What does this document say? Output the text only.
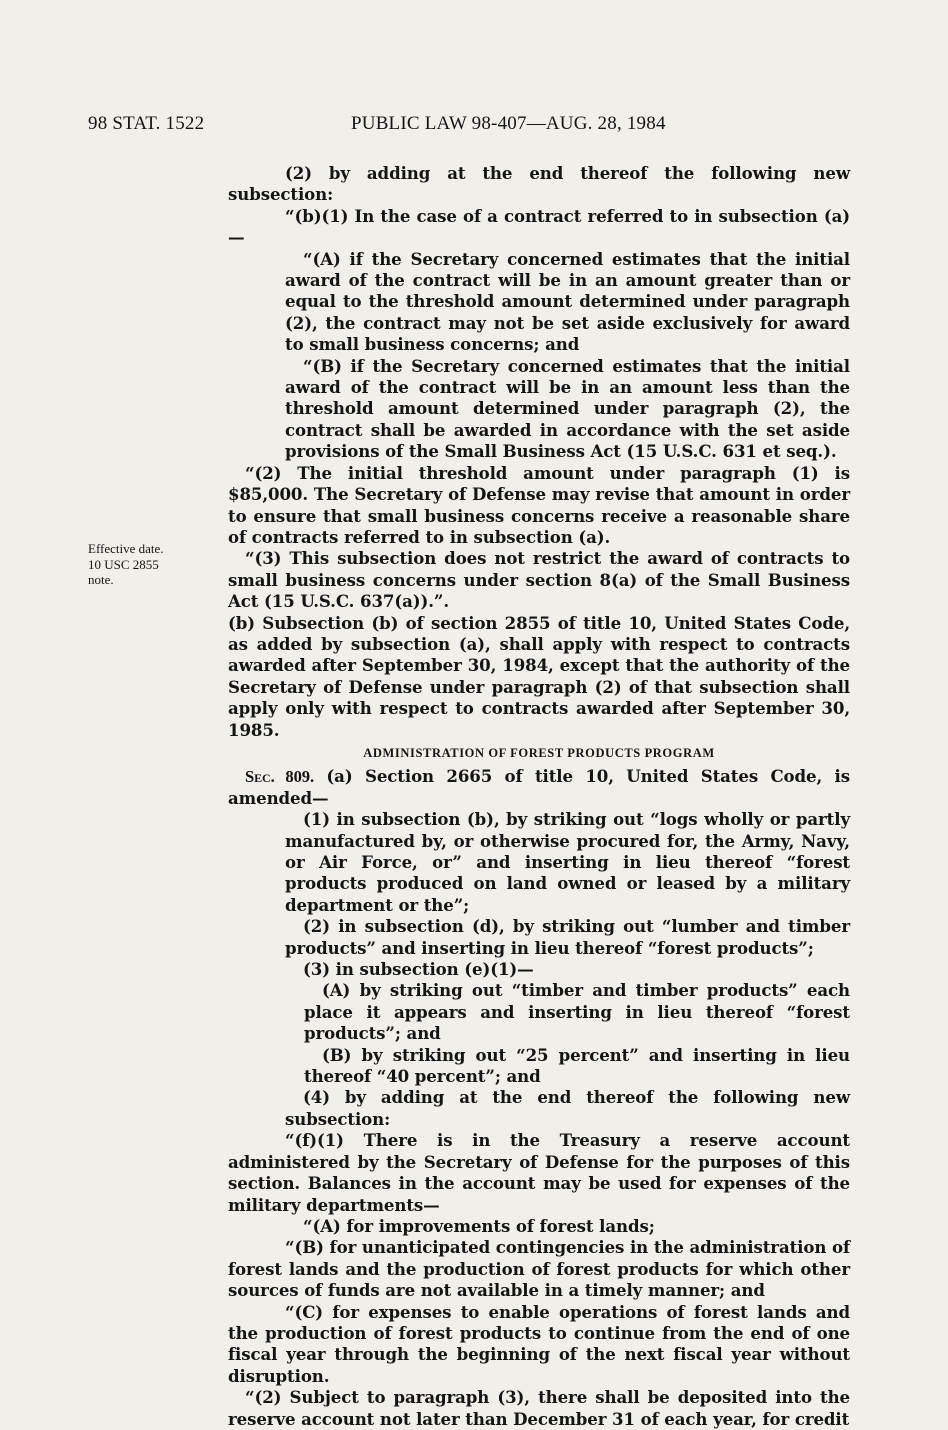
98 STAT. 1522	PUBLIC LAW 98-407—AUG. 28, 1984
Effective date.
10 USC 2855
note.

(2) by adding at the end thereof the following new subsection:

“(b)(1) In the case of a contract referred to in subsection (a)—

“(A) if the Secretary concerned estimates that the initial award of the contract will be in an amount greater than or equal to the threshold amount determined under paragraph (2), the contract may not be set aside exclusively for award to small business concerns; and

“(B) if the Secretary concerned estimates that the initial award of the contract will be in an amount less than the threshold amount determined under paragraph (2), the contract shall be awarded in accordance with the set aside provisions of the Small Business Act (15 U.S.C. 631 et seq.).

“(2) The initial threshold amount under paragraph (1) is $85,000. The Secretary of Defense may revise that amount in order to ensure that small business concerns receive a reasonable share of contracts referred to in subsection (a).

“(3) This subsection does not restrict the award of contracts to small business concerns under section 8(a) of the Small Business Act (15 U.S.C. 637(a)).”.

(b) Subsection (b) of section 2855 of title 10, United States Code, as added by subsection (a), shall apply with respect to contracts awarded after September 30, 1984, except that the authority of the Secretary of Defense under paragraph (2) of that subsection shall apply only with respect to contracts awarded after September 30, 1985.

ADMINISTRATION OF FOREST PRODUCTS PROGRAM

Sec. 809. (a) Section 2665 of title 10, United States Code, is amended—

(1) in subsection (b), by striking out “logs wholly or partly manufactured by, or otherwise procured for, the Army, Navy, or Air Force, or” and inserting in lieu thereof “forest products produced on land owned or leased by a military department or the”;

(2) in subsection (d), by striking out “lumber and timber products” and inserting in lieu thereof “forest products”;

(3) in subsection (e)(1)—

(A) by striking out “timber and timber products” each place it appears and inserting in lieu thereof “forest products”; and

(B) by striking out “25 percent” and inserting in lieu thereof “40 percent”; and

(4) by adding at the end thereof the following new subsection:

“(f)(1) There is in the Treasury a reserve account administered by the Secretary of Defense for the purposes of this section. Balances in the account may be used for expenses of the military departments—

“(A) for improvements of forest lands;

“(B) for unanticipated contingencies in the administration of forest lands and the production of forest products for which other sources of funds are not available in a timely manner; and

“(C) for expenses to enable operations of forest lands and the production of forest products to continue from the end of one fiscal year through the beginning of the next fiscal year without disruption.

“(2) Subject to paragraph (3), there shall be deposited into the reserve account not later than December 31 of each year, for credit
